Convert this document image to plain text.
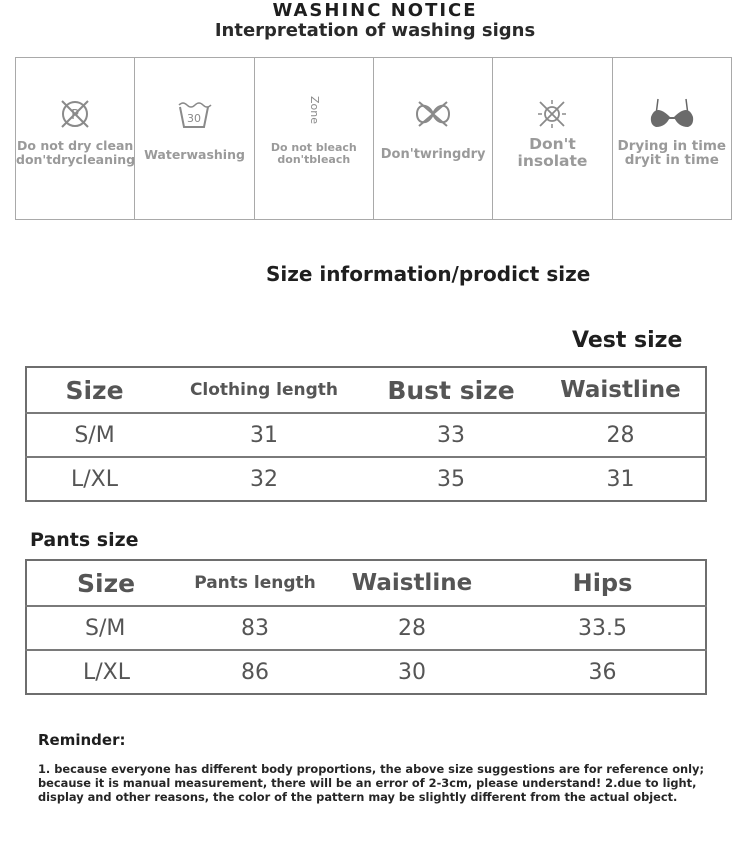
WASHINC NOTICE
Interpretation of washing signs
P
Do not dry clean
don'tdrycleaning
30
Waterwashing
Zone
Do not bleach
don'tbleach	Don'twringdry
Don't
insolate
Drying in time
dryit in time
Size information/prodict size
Vest size
Size	Clothing length	Bust size	Waistline
S/M	31	33	28
L/XL	32	35	31
Pants size
Size	Pants length	Waistline	Hips
S/M	83	28	33.5
L/XL	86	30	36
Reminder:
1. because everyone has different body proportions, the above size suggestions are for reference only;
because it is manual measurement, there will be an error of 2-3cm, please understand! 2.due to light,
display and other reasons, the color of the pattern may be slightly different from the actual object.
